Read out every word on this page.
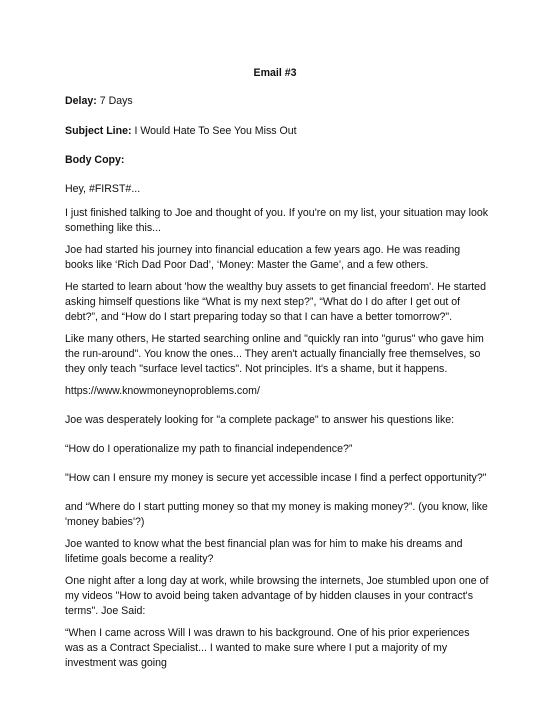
Email #3

Delay: 7 Days

Subject Line: I Would Hate To See You Miss Out

Body Copy:

Hey, #FIRST#...

I just finished talking to Joe and thought of you. If you're on my list, your situation may look something like this...

Joe had started his journey into financial education a few years ago. He was reading books like ‘Rich Dad Poor Dad’, ‘Money: Master the Game’, and a few others.

He started to learn about 'how the wealthy buy assets to get financial freedom'. He started asking himself questions like “What is my next step?”, “What do I do after I get out of debt?”, and “How do I start preparing today so that I can have a better tomorrow?".

Like many others, He started searching online and "quickly ran into "gurus" who gave him the run-around". You know the ones... They aren't actually financially free themselves, so they only teach "surface level tactics". Not principles. It's a shame, but it happens.

https://www.knowmoneynoproblems.com/

Joe was desperately looking for "a complete package" to answer his questions like:

“How do I operationalize my path to financial independence?”

"How can I ensure my money is secure yet accessible incase I find a perfect opportunity?"

and “Where do I start putting money so that my money is making money?”. (you know, like 'money babies'?)

Joe wanted to know what the best financial plan was for him to make his dreams and lifetime goals become a reality?

One night after a long day at work, while browsing the internets, Joe stumbled upon one of my videos "How to avoid being taken advantage of by hidden clauses in your contract's terms". Joe Said:

“When I came across Will I was drawn to his background. One of his prior experiences was as a Contract Specialist... I wanted to make sure where I put a majority of my investment was going
